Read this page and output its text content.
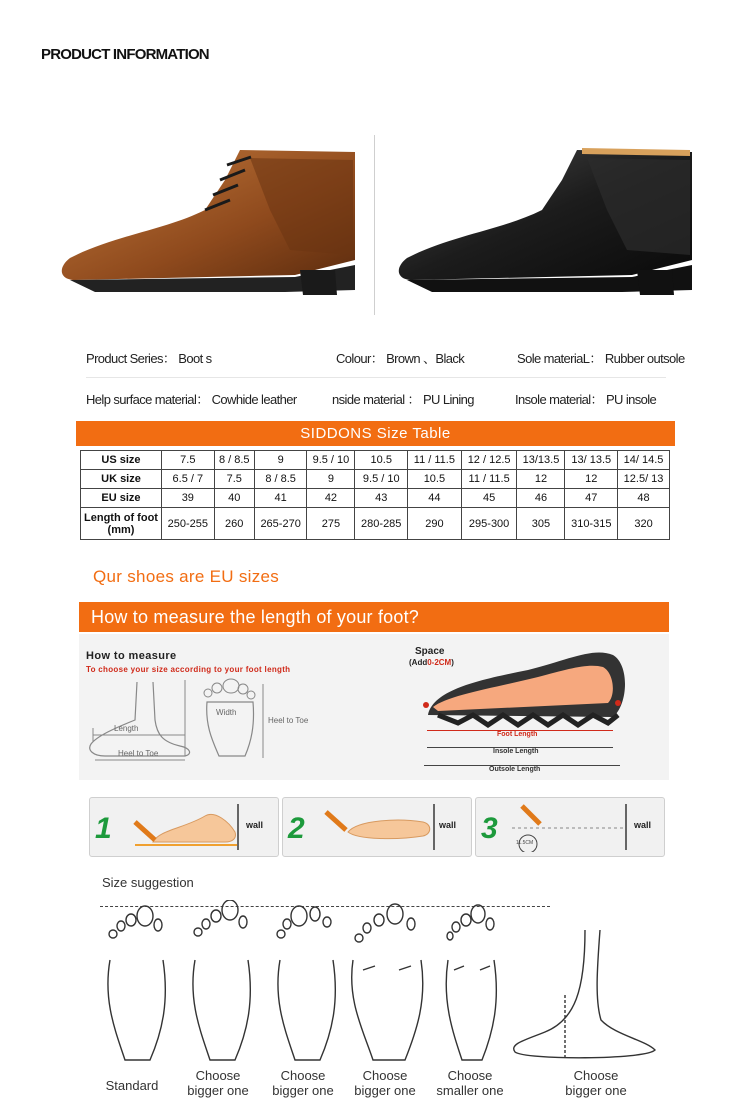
PRODUCT INFORMATION
Product Series： Boot s	Colour： Brown 、Black	Sole materiaL： Rubber outsole
Help surface material： Cowhide leather	nside material ： PU Lining	Insole material： PU insole
SIDDONS Size Table
US size	7.5	8 / 8.5	9	9.5 / 10	10.5	11 / 11.5	12 / 12.5	13/13.5	13/ 13.5	14/ 14.5
UK size	6.5 / 7	7.5	8 / 8.5	9	9.5 / 10	10.5	11 / 11.5	12	12	12.5/ 13
EU size	39	40	41	42	43	44	45	46	47	48
Length of foot (mm)	250-255	260	265-270	275	280-285	290	295-300	305	310-315	320
Qur shoes are EU sizes
How to measure the length of your foot?
How to measure
To choose your size according to your foot length
Length
Heel to Toe
Width
Heel to Toe
Space
(Add0-2CM)
Foot Length
Insole Length
Outsole Length
1	2	3
wall	wall
11.5CM
wall
Size suggestion
Standard
Choose
bigger one
Choose
bigger one
Choose
bigger one
Choose
smaller one
Choose
bigger one
